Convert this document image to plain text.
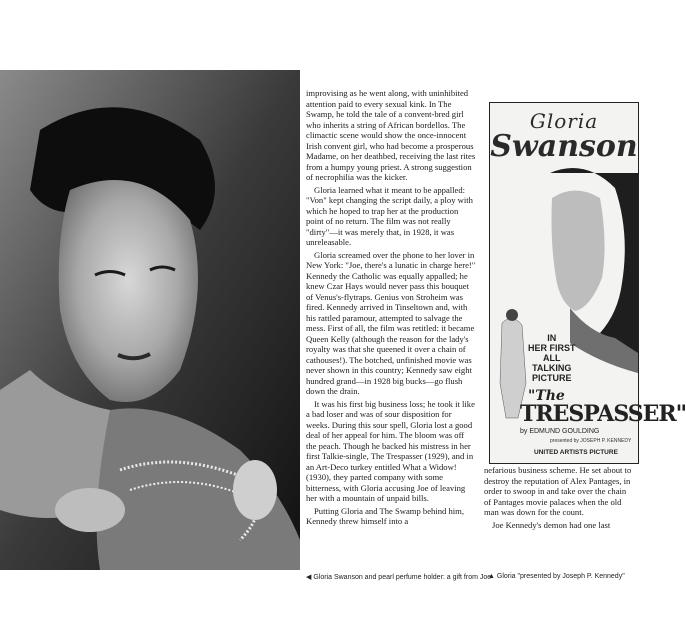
improvising as he went along, with uninhibited attention paid to every sexual kink. In The Swamp, he told the tale of a convent-bred girl who inherits a string of African bordellos. The climactic scene would show the once-innocent Irish convent girl, who had become a prosperous Madame, on her deathbed, receiving the last rites from a humpy young priest. A strong suggestion of necrophilia was the kicker.

Gloria learned what it meant to be appalled: "Von" kept changing the script daily, a ploy with which he hoped to trap her at the production point of no return. The film was not really "dirty"—it was merely that, in 1928, it was unreleasable.

Gloria screamed over the phone to her lover in New York: "Joe, there's a lunatic in charge here!" Kennedy the Catholic was equally appalled; he knew Czar Hays would never pass this bouquet of Venus's-flytraps. Genius von Stroheim was fired. Kennedy arrived in Tinseltown and, with his rattled paramour, attempted to salvage the mess. First of all, the film was retitled: it became Queen Kelly (although the reason for the lady's royalty was that she queened it over a chain of cathouses!). The botched, unfinished movie was never shown in this country; Kennedy saw eight hundred grand—in 1928 big bucks—go flush down the drain.

It was his first big business loss; he took it like a bad loser and was of sour disposition for weeks. During this sour spell, Gloria lost a good deal of her appeal for him. The bloom was off the peach. Though he backed his mistress in her first Talkie-single, The Trespasser (1929), and in an Art-Deco turkey entitled What a Widow! (1930), they parted company with some bitterness, with Gloria accusing Joe of leaving her with a mountain of unpaid bills.

Putting Gloria and The Swamp behind him, Kennedy threw himself into a

Gloria
Swanson
IN
HER FIRST
ALL
TALKING
PICTURE
"The
TRESPASSER"
by EDMUND GOULDING
presented by JOSEPH P. KENNEDY
UNITED ARTISTS PICTURE

nefarious business scheme. He set about to destroy the reputation of Alex Pantages, in order to swoop in and take over the chain of Pantages movie palaces when the old man was down for the count.

Joe Kennedy's demon had one last

◀ Gloria Swanson and pearl perfume holder: a gift from Joe
▲ Gloria "presented by Joseph P. Kennedy"
